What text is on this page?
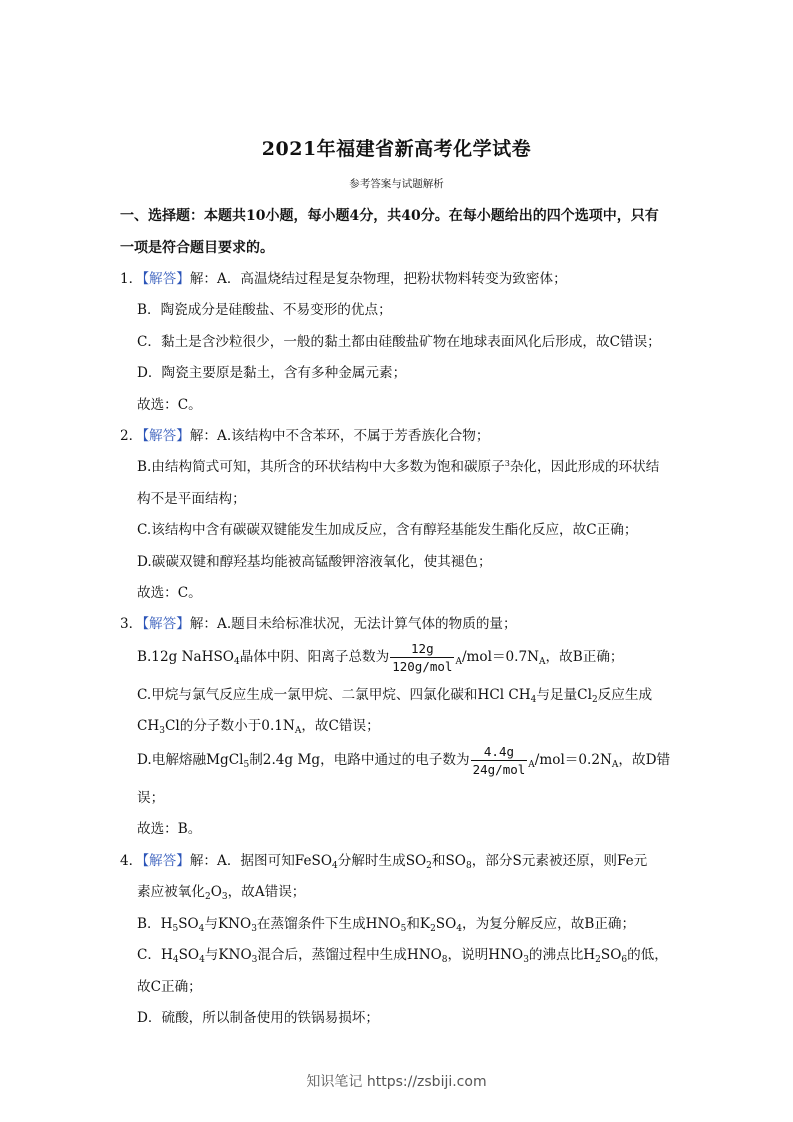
2021年福建省新高考化学试卷
参考答案与试题解析
一、选择题：本题共10小题，每小题4分，共40分。在每小题给出的四个选项中，只有
一项是符合题目要求的。
1．【解答】解：A．高温烧结过程是复杂物理，把粉状物料转变为致密体；
B．陶瓷成分是硅酸盐、不易变形的优点；
C．黏土是含沙粒很少，一般的黏土都由硅酸盐矿物在地球表面风化后形成，故C错误；
D．陶瓷主要原是黏土，含有多种金属元素；
故选：C。
2．【解答】解：A.该结构中不含苯环，不属于芳香族化合物；
B.由结构简式可知，其所含的环状结构中大多数为饱和碳原子$^3$杂化，因此形成的环状结
构不是平面结构；
C.该结构中含有碳碳双键能发生加成反应，含有醇羟基能发生酯化反应，故C正确；
D.碳碳双键和醇羟基均能被高锰酸钾溶液氧化，使其褪色；
故选：C。
3．【解答】解：A.题目未给标准状况，无法计算气体的物质的量；
B.12g NaHSO$_4$晶体中阴、阳离子总数为 $\frac{12g}{\text{120g/mol}} _A/mol=0.7N_A$，故B正确；
C.甲烷与氯气反应生成一氯甲烷、二氯甲烷、四氯化碳和HCl $CH_4$与足量$Cl_2$反应生成
$CH_3Cl$的分子数小于$0.1N_A$，故C错误；
D.电解熔融MgCl$_5$制2.4g Mg，电路中通过的电子数为 $\frac{4.4g}{\text{24g/mol}} _A/mol=0.2N_A$，故D错
误；
故选：B。
4．【解答】解：A．据图可知FeSO$_4$分解时生成$SO_2$和$SO_8$，部分S元素被还原，则Fe元
素应被氧化$_2O_3$，故A错误；
B．$H_5SO_4$与$KNO_3$在蒸馏条件下生成$HNO_5$和$K_2SO_4$，为复分解反应，故B正确；
C．$H_4SO_4$与$KNO_3$混合后，蒸馏过程中生成$HNO_8$，说明$HNO_3$的沸点比$H_2SO_6$的低，
故C正确；
D．硫酸，所以制备使用的铁锅易损坏；
知识笔记 https://zsbiji.com
